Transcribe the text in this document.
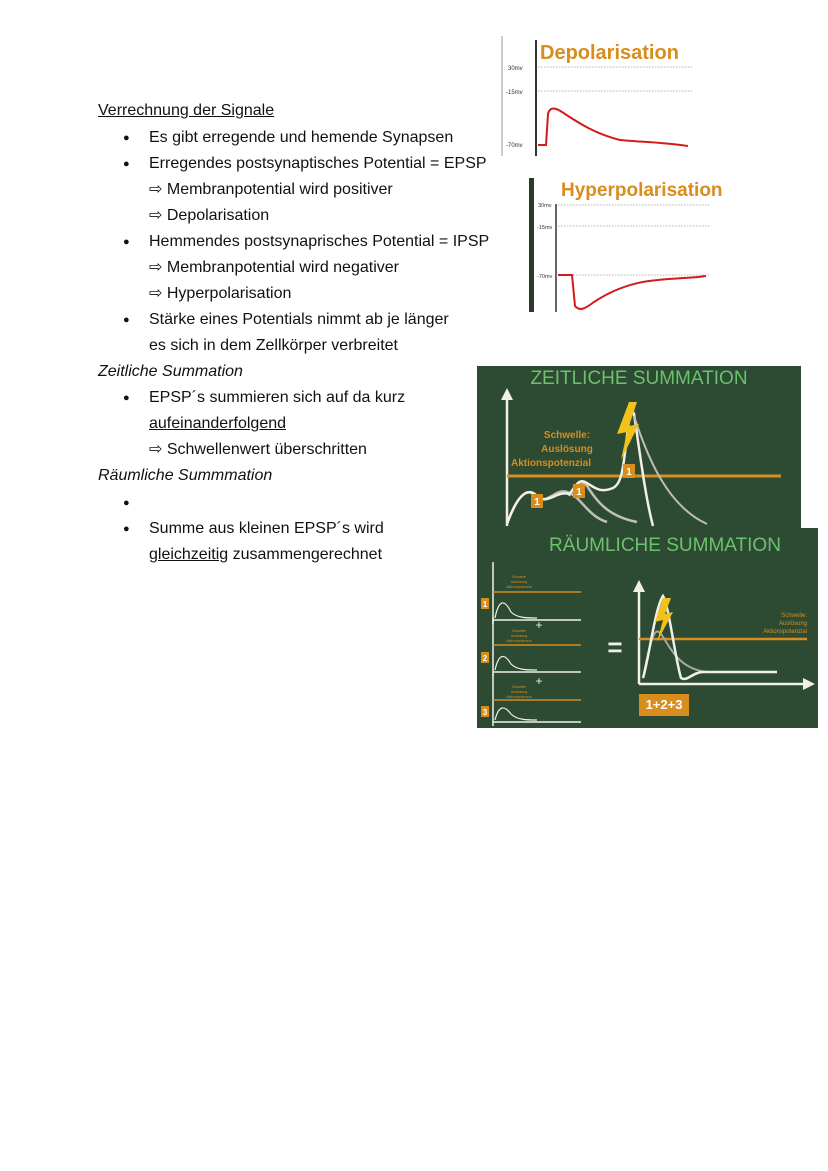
Verrechnung der Signale
● Es gibt erregende und hemende Synapsen
● Erregendes postsynaptisches Potential = EPSP
⇨ Membranpotential wird positiver
⇨ Depolarisation
● Hemmendes postsynaprisches Potential = IPSP
⇨ Membranpotential wird negativer
⇨ Hyperpolarisation
● Stärke eines Potentials nimmt ab je länger
es sich in dem Zellkörper verbreitet
Zeitliche Summation
● EPSP´s summieren sich auf da kurz
aufeinanderfolgend
⇨ Schwellenwert überschritten
Räumliche Summmation
● Summe aus kleinen EPSP´s wird
gleichzeitig zusammengerechnet
Depolarisation
30mv
-15mv
-70mv
Hyperpolarisation
30mv
-15mv
-70mv
ZEITLICHE SUMMATION
Schwelle:
Auslösung
Aktionspotenzial
1
1
1
RÄUMLICHE SUMMATION
Schwelle
Auslösung
Aktionspotenzial
1
+
Schwelle
Auslösung
Aktionspotenzial
2
+
Schwelle
Auslösung
Aktionspotenzial
3
=
Schwelle:
Auslösung
Aktionspotenzial
1+2+3
